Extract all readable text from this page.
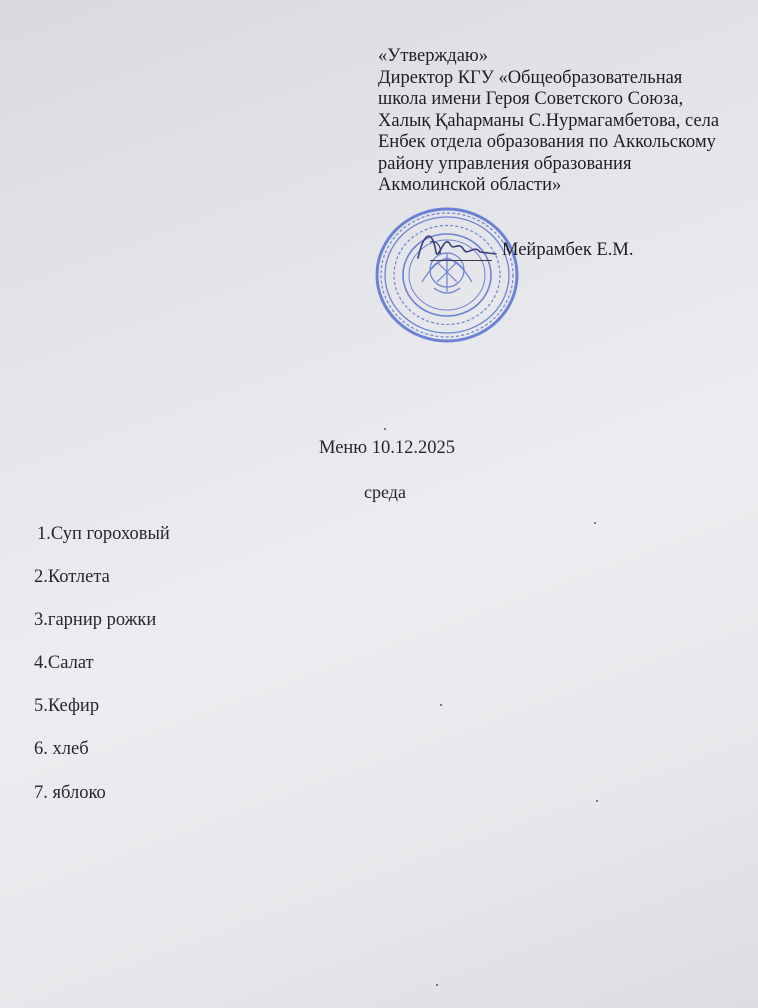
«Утверждаю»
Директор КГУ «Общеобразовательная
школа имени Героя Советского Союза,
Халық Қаһарманы С.Нурмагамбетова, села
Енбек отдела образования по Аккольскому
району управления образования
Акмолинской области»
Мейрамбек Е.М.
Меню 10.12.2025
среда
1.Суп гороховый
2.Котлета
3.гарнир рожки
4.Салат
5.Кефир
6. хлеб
7. яблоко
